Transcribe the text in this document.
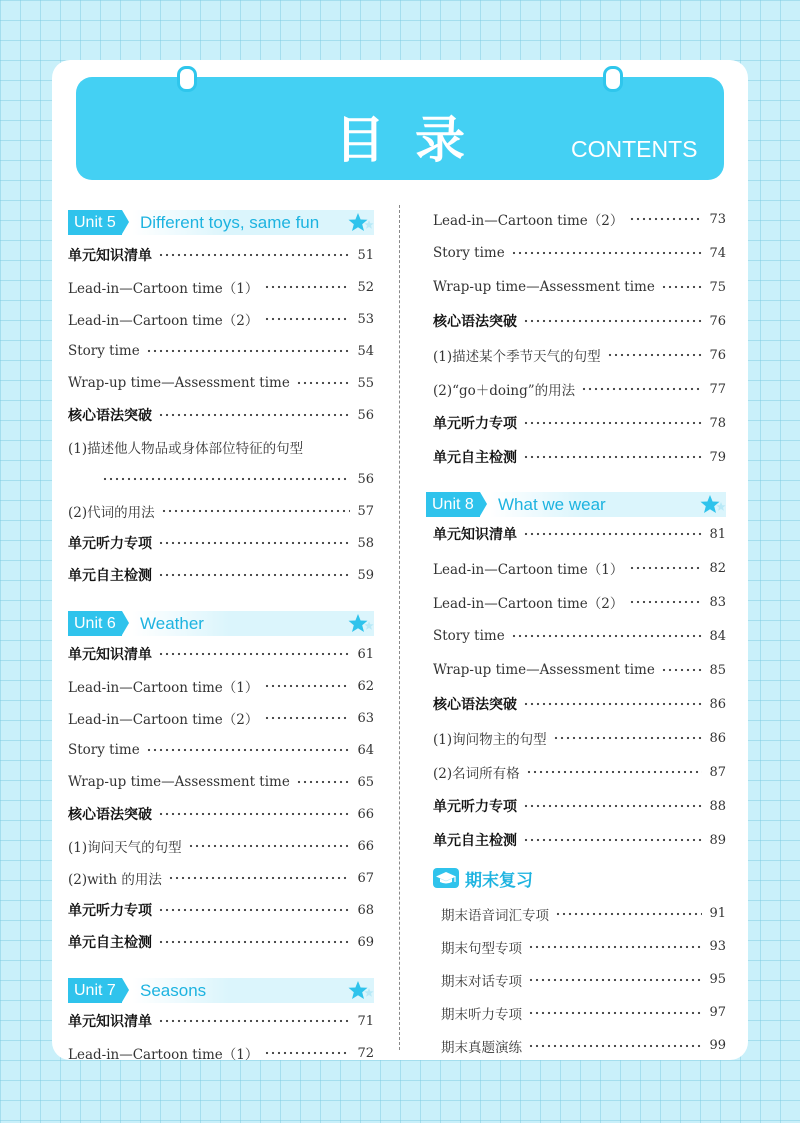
目录	CONTENTS
Unit 5	Different toys, same fun
单元知识清单	51
Lead-in—Cartoon time（1）	52
Lead-in—Cartoon time（2）	53
Story time	54
Wrap-up time—Assessment time	55
核心语法突破	56
(1)描述他人物品或身体部位特征的句型
56
(2)代词的用法	57
单元听力专项	58
单元自主检测	59
Unit 6	Weather
单元知识清单	61
Lead-in—Cartoon time（1）	62
Lead-in—Cartoon time（2）	63
Story time	64
Wrap-up time—Assessment time	65
核心语法突破	66
(1)询问天气的句型	66
(2)with 的用法	67
单元听力专项	68
单元自主检测	69
Unit 7	Seasons
单元知识清单	71
Lead-in—Cartoon time（1）	72
Lead-in—Cartoon time（2）	73
Story time	74
Wrap-up time—Assessment time	75
核心语法突破	76
(1)描述某个季节天气的句型	76
(2)“go＋doing”的用法	77
单元听力专项	78
单元自主检测	79
Unit 8	What we wear
单元知识清单	81
Lead-in—Cartoon time（1）	82
Lead-in—Cartoon time（2）	83
Story time	84
Wrap-up time—Assessment time	85
核心语法突破	86
(1)询问物主的句型	86
(2)名词所有格	87
单元听力专项	88
单元自主检测	89
期末复习
期末语音词汇专项	91
期末句型专项	93
期末对话专项	95
期末听力专项	97
期末真题演练	99
